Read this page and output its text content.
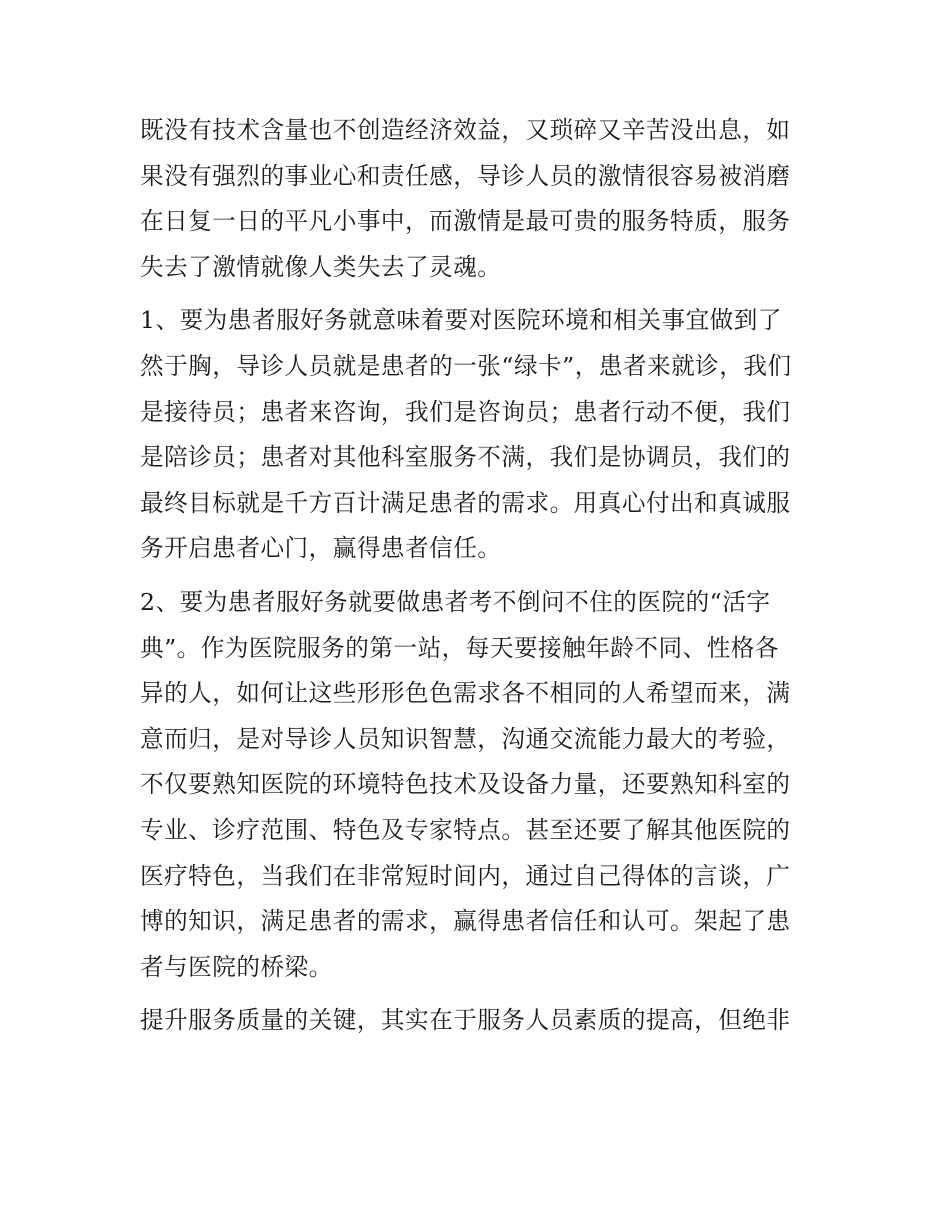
既没有技术含量也不创造经济效益，又琐碎又辛苦没出息，如
果没有强烈的事业心和责任感，导诊人员的激情很容易被消磨
在日复一日的平凡小事中，而激情是最可贵的服务特质，服务
失去了激情就像人类失去了灵魂。
1、要为患者服好务就意味着要对医院环境和相关事宜做到了
然于胸，导诊人员就是患者的一张“绿卡”，患者来就诊，我们
是接待员；患者来咨询，我们是咨询员；患者行动不便，我们
是陪诊员；患者对其他科室服务不满，我们是协调员，我们的
最终目标就是千方百计满足患者的需求。用真心付出和真诚服
务开启患者心门，赢得患者信任。
2、要为患者服好务就要做患者考不倒问不住的医院的“活字
典”。作为医院服务的第一站，每天要接触年龄不同、性格各
异的人，如何让这些形形色色需求各不相同的人希望而来，满
意而归，是对导诊人员知识智慧，沟通交流能力最大的考验，
不仅要熟知医院的环境特色技术及设备力量，还要熟知科室的
专业、诊疗范围、特色及专家特点。甚至还要了解其他医院的
医疗特色，当我们在非常短时间内，通过自己得体的言谈，广
博的知识，满足患者的需求，赢得患者信任和认可。架起了患
者与医院的桥梁。
提升服务质量的关键，其实在于服务人员素质的提高，但绝非
